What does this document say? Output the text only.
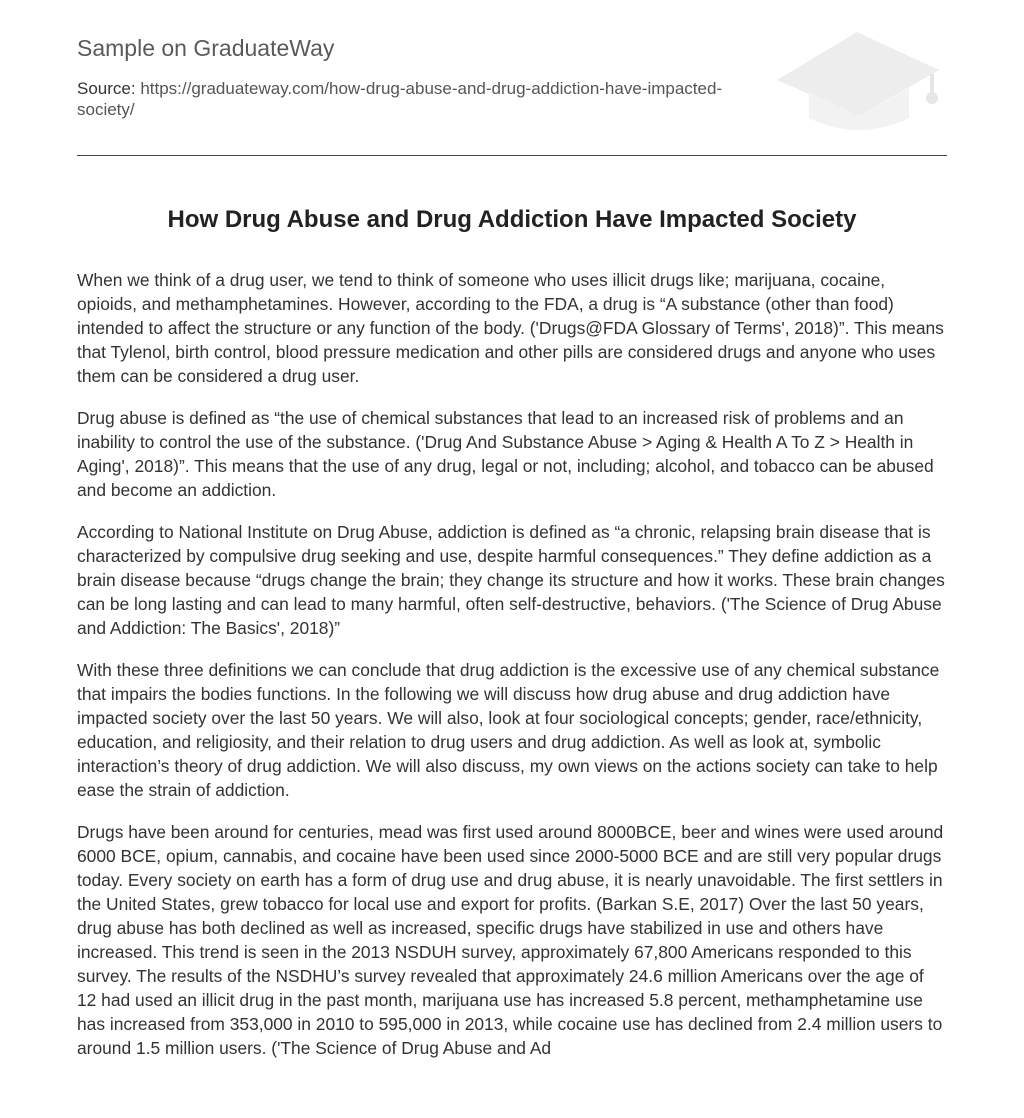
Sample on GraduateWay
Source: https://graduateway.com/how-drug-abuse-and-drug-addiction-have-impacted-society/
How Drug Abuse and Drug Addiction Have Impacted Society

When we think of a drug user, we tend to think of someone who uses illicit drugs like; marijuana, cocaine, opioids, and methamphetamines. However, according to the FDA, a drug is “A substance (other than food) intended to affect the structure or any function of the body. ('Drugs@FDA Glossary of Terms', 2018)”. This means that Tylenol, birth control, blood pressure medication and other pills are considered drugs and anyone who uses them can be considered a drug user.

Drug abuse is defined as “the use of chemical substances that lead to an increased risk of problems and an inability to control the use of the substance. ('Drug And Substance Abuse > Aging & Health A To Z > Health in Aging', 2018)”. This means that the use of any drug, legal or not, including; alcohol, and tobacco can be abused and become an addiction.

According to National Institute on Drug Abuse, addiction is defined as “a chronic, relapsing brain disease that is characterized by compulsive drug seeking and use, despite harmful consequences.” They define addiction as a brain disease because “drugs change the brain; they change its structure and how it works. These brain changes can be long lasting and can lead to many harmful, often self-destructive, behaviors. ('The Science of Drug Abuse and Addiction: The Basics', 2018)”

With these three definitions we can conclude that drug addiction is the excessive use of any chemical substance that impairs the bodies functions. In the following we will discuss how drug abuse and drug addiction have impacted society over the last 50 years. We will also, look at four sociological concepts; gender, race/ethnicity, education, and religiosity, and their relation to drug users and drug addiction. As well as look at, symbolic interaction’s theory of drug addiction. We will also discuss, my own views on the actions society can take to help ease the strain of addiction.

Drugs have been around for centuries, mead was first used around 8000BCE, beer and wines were used around 6000 BCE, opium, cannabis, and cocaine have been used since 2000-5000 BCE and are still very popular drugs today. Every society on earth has a form of drug use and drug abuse, it is nearly unavoidable. The first settlers in the United States, grew tobacco for local use and export for profits. (Barkan S.E, 2017) Over the last 50 years, drug abuse has both declined as well as increased, specific drugs have stabilized in use and others have increased. This trend is seen in the 2013 NSDUH survey, approximately 67,800 Americans responded to this survey. The results of the NSDHU’s survey revealed that approximately 24.6 million Americans over the age of 12 had used an illicit drug in the past month, marijuana use has increased 5.8 percent, methamphetamine use has increased from 353,000 in 2010 to 595,000 in 2013, while cocaine use has declined from 2.4 million users to around 1.5 million users. ('The Science of Drug Abuse and Ad
